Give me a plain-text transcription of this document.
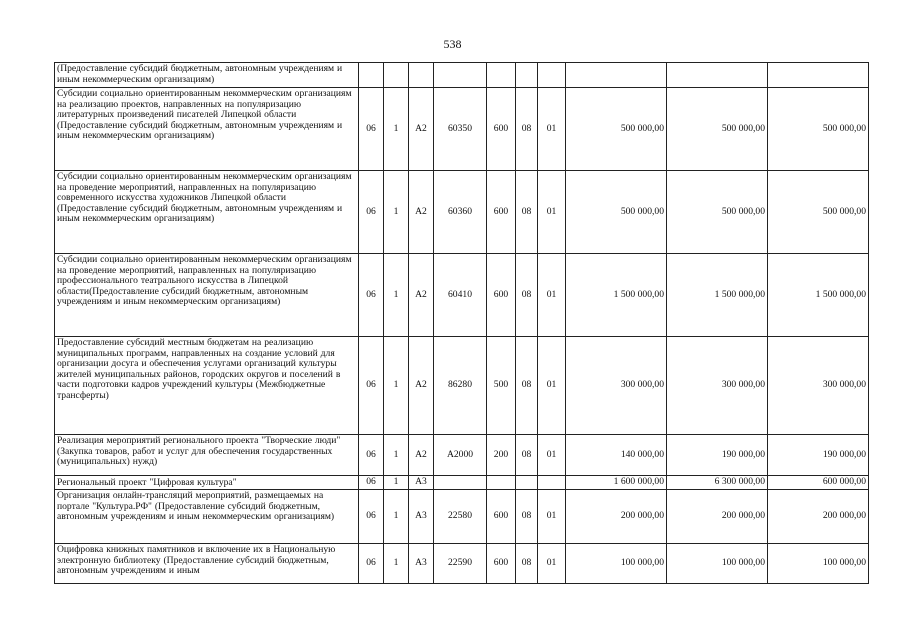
538
(Предоставление субсидий бюджетным, автономным учреждениям и иным некоммерческим организациям)										
Субсидии социально ориентированным некоммерческим организациям на реализацию проектов, направленных на популяризацию литературных произведений писателей Липецкой области (Предоставление субсидий бюджетным, автономным учреждениям и иным некоммерческим организациям)	06	1	А2	60350	600	08	01	500 000,00	500 000,00	500 000,00
Субсидии социально ориентированным некоммерческим организациям на проведение мероприятий, направленных на популяризацию современного искусства художников Липецкой области (Предоставление субсидий бюджетным, автономным учреждениям и иным некоммерческим организациям)	06	1	А2	60360	600	08	01	500 000,00	500 000,00	500 000,00
Субсидии социально ориентированным некоммерческим организациям на проведение мероприятий, направленных на популяризацию профессионального театрального искусства в Липецкой области(Предоставление субсидий бюджетным, автономным учреждениям и иным некоммерческим организациям)	06	1	А2	60410	600	08	01	1 500 000,00	1 500 000,00	1 500 000,00
Предоставление субсидий местным бюджетам на реализацию муниципальных программ, направленных на создание условий для организации досуга и обеспечения услугами организаций культуры жителей муниципальных районов, городских округов и поселений в части подготовки кадров учреждений культуры (Межбюджетные трансферты)	06	1	А2	86280	500	08	01	300 000,00	300 000,00	300 000,00
Реализация мероприятий регионального проекта "Творческие люди" (Закупка товаров, работ и услуг для обеспечения государственных (муниципальных) нужд)	06	1	А2	А2000	200	08	01	140 000,00	190 000,00	190 000,00
Региональный проект "Цифровая культура"	06	1	А3					1 600 000,00	6 300 000,00	600 000,00
Организация онлайн-трансляций мероприятий, размещаемых на портале "Культура.РФ" (Предоставление субсидий бюджетным, автономным учреждениям и иным некоммерческим организациям)	06	1	А3	22580	600	08	01	200 000,00	200 000,00	200 000,00
Оцифровка книжных памятников и включение их в Национальную электронную библиотеку (Предоставление субсидий бюджетным, автономным учреждениям и иным	06	1	А3	22590	600	08	01	100 000,00	100 000,00	100 000,00
